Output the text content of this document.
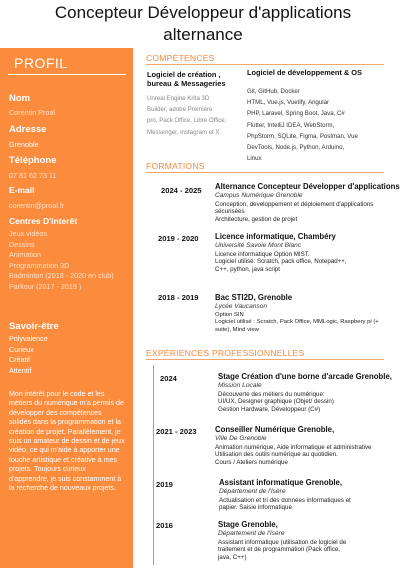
Concepteur Développeur d'applications
alternance
PROFIL
Nom
Corentin Proal
Adresse
Grenoble
Téléphone
07 81 62 73 11
E-mail
corentin@proal.fr
Centres D'interêt
Jeux vidéos
Dessins
Animation
Programmation 3D
Badminton (2018 - 2020 en club)
Parkour (2017 - 2019 )
Savoir-être
Polyvalence
Curieux
Créatif
Attentif
Mon intérêt pour le code et les métiers du numérique m'a permis de développer des compétences solides dans la programmation et la création de projet. Parallèlement, je suis un amateur de dessin et de jeux vidéo, ce qui m'aide à apporter une touche artistique et créative à mes projets. Toujours curieux d'apprendre, je suis constamment à la recherche de nouveaux projets.
COMPÉTENCES
Logiciel de création , bureau & Messageries
Unreal Engine Krita 3D
Builder, adobe Première
pro, Pack Office, Libre Office,
Messenger, instagram et X
Logiciel de développement & OS
Git, GitHub, Docker
HTML, Vue.js, Vuetify, Angular
PHP, Laravel, Spring Boot, Java, C#
Flutter, IntelliJ IDEA, WebStorm,
PhpStorm, SQLite, Figma, Postman, Vue
DevTools, Node.js, Python, Arduino,
Linux
FORMATIONS
2024 - 2025 Alternance Concepteur Développer d'applications
Campus Numérique Grenoble
Conception, developpement et déploiement d'applications
sécurisées
Architecture, gestion de projet
2019 - 2020 Licence informatique, Chambéry
Université Savoie Mont Blanc
Licence informatique Option MIST.
Logiciel utilisé: Scratch, pack office, Notepad++,
C++, python, java script
2018 - 2019 Bac STI2D, Grenoble
Lycée Vaucanson
Option SIN
Logiciel utilisé : Scratch, Pack Office, MMLogic, Raspbery pi (+
suite), Mind view
EXPÉRIENCES PROFESSIONNELLES
2024	Stage Création d'une borne d'arcade Grenoble,
Mission Locale
Découverte des métiers du numérique:
UI/UX, Designer graphique (Objet/ dessin)
Gestion Hardware, Développeur (C#)
2021 - 2023 Conseiller Numérique Grenoble,
Ville De Grenoble
Animation numérique, Aide informatique et administrative
Utilisation des outils numérique au quotidien.
Cours / Ateliers numérique
2019	Assistant informatique Grenoble,
Département de l'Isère
Actualisation et tri des données informatiques et
papier. Saisie informatique
2016	Stage Grenoble,
Département de l'Isère
Assistant informatique (utilisation de logiciel de
traitement et de programmation (Pack office,
java, C++)
